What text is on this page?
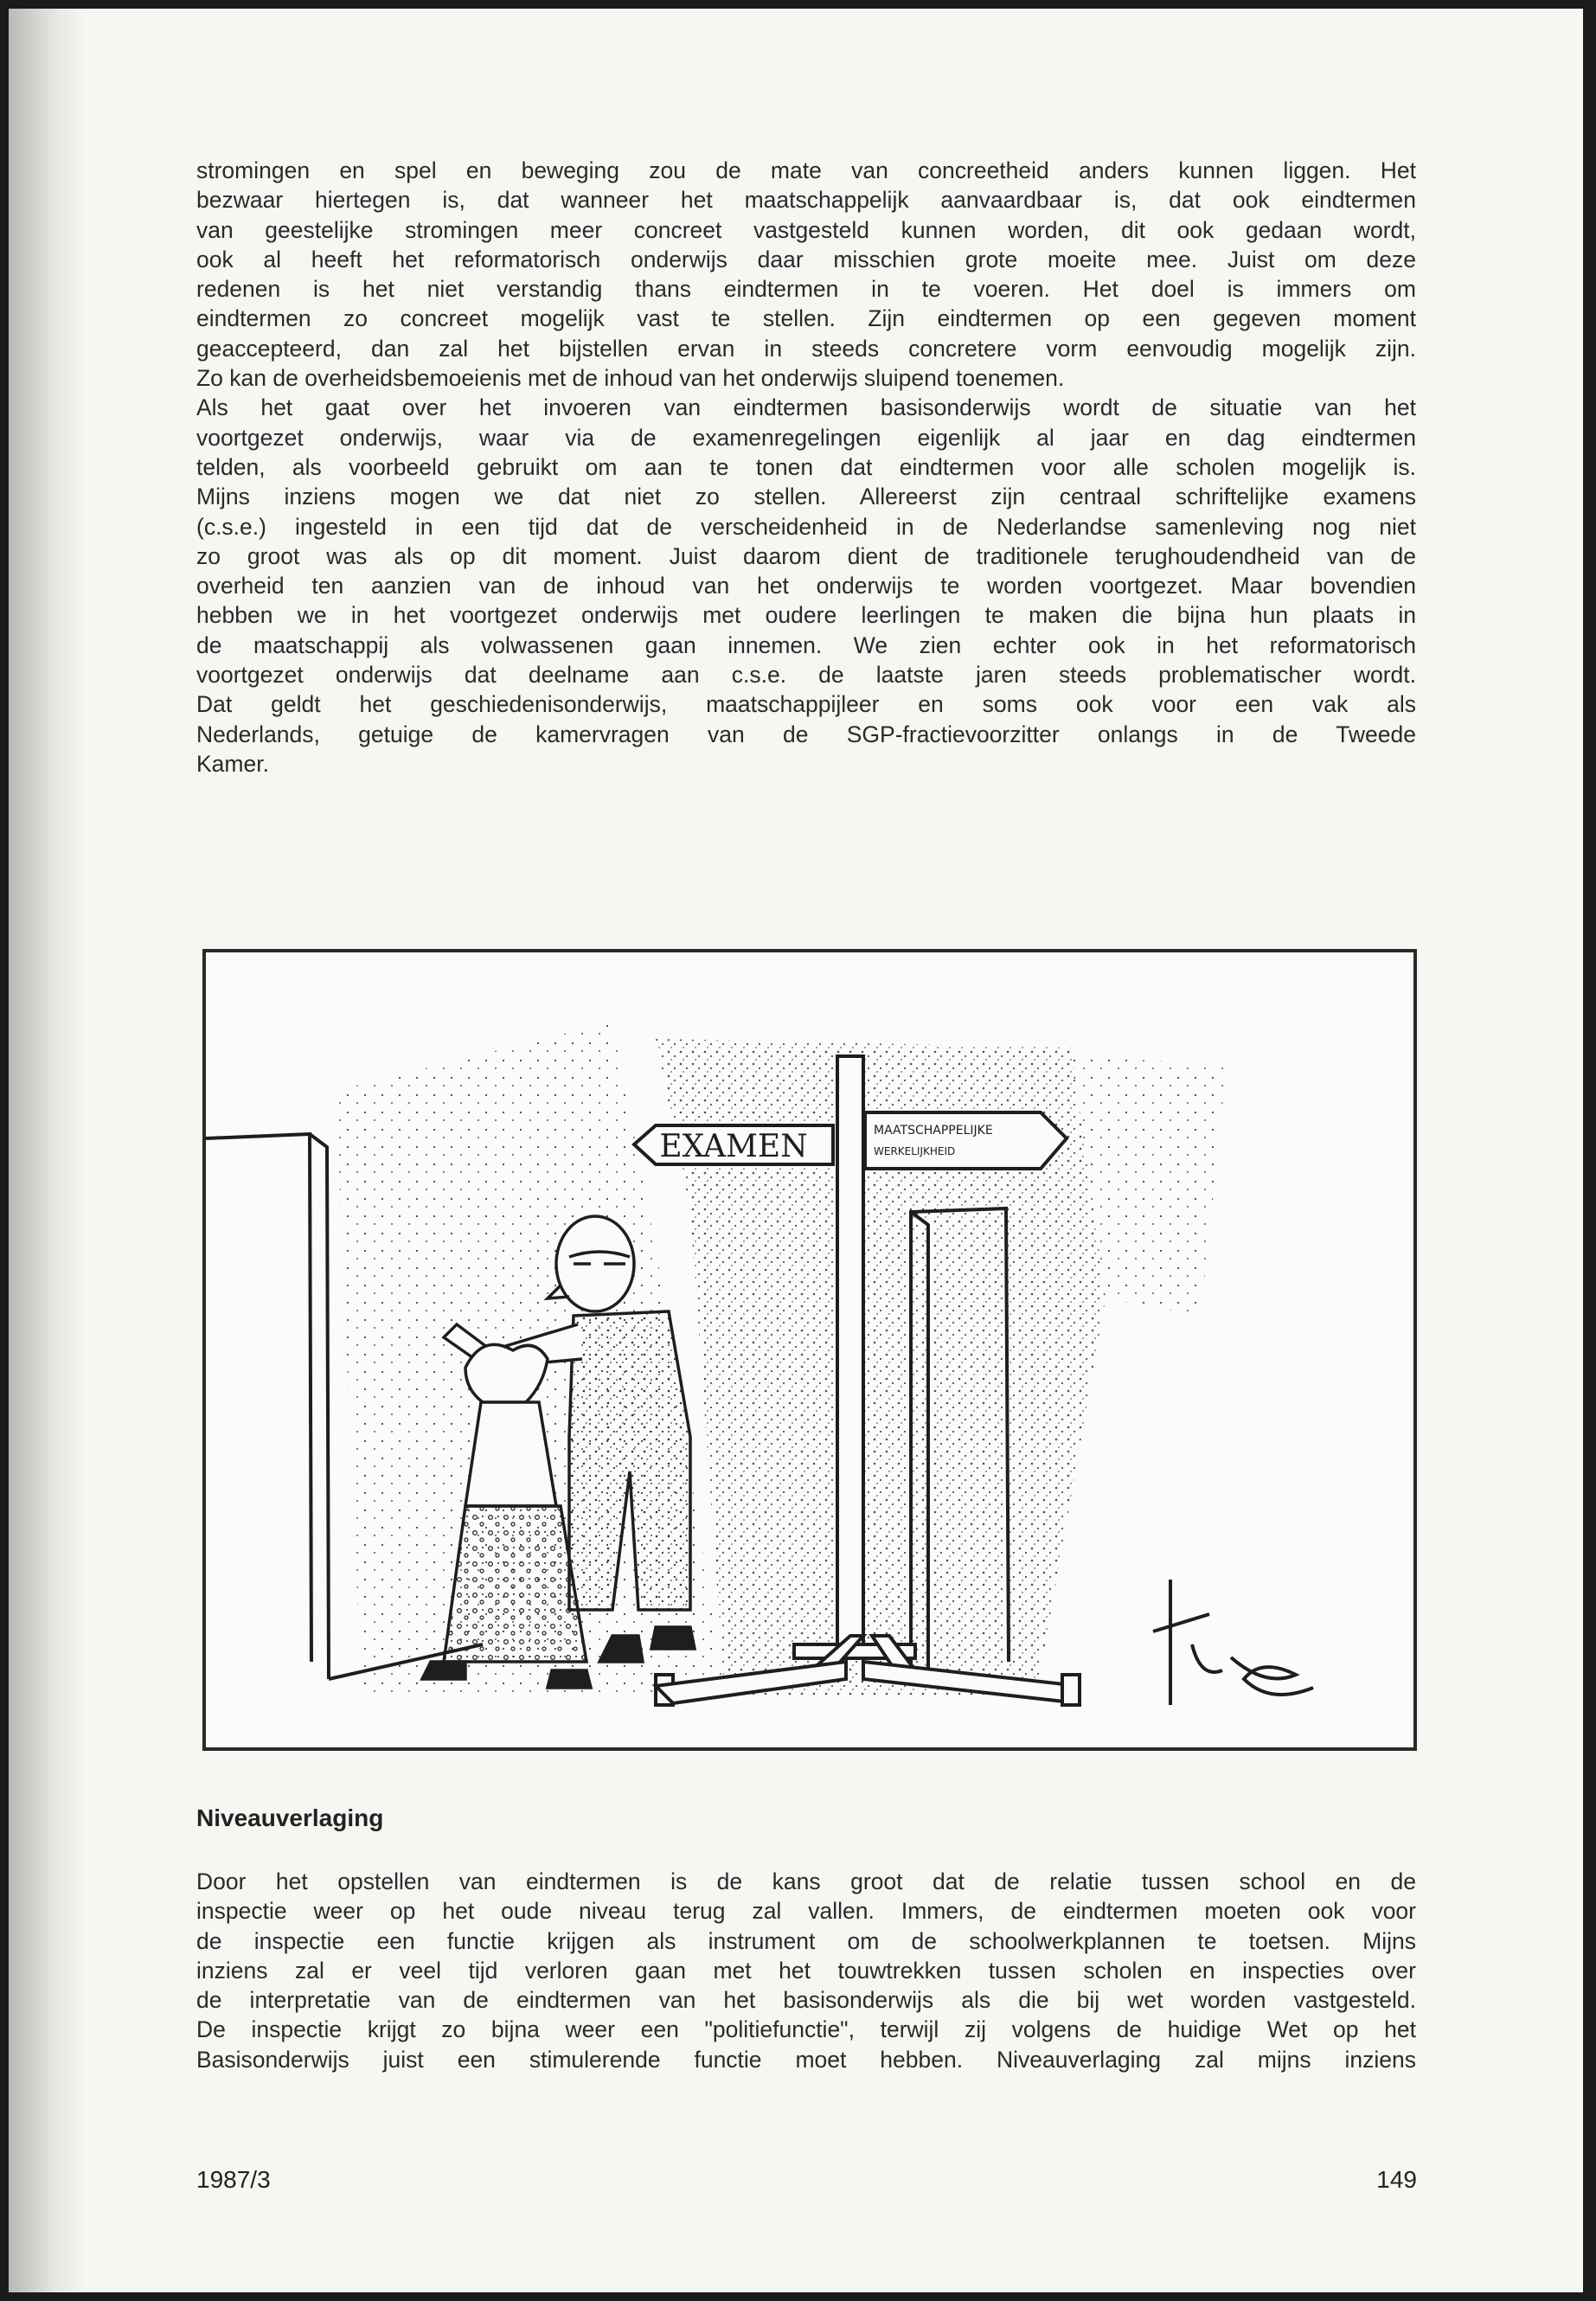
stromingen en spel en beweging zou de mate van concreetheid anders kunnen liggen. Het

bezwaar hiertegen is, dat wanneer het maatschappelijk aanvaardbaar is, dat ook eindtermen

van geestelijke stromingen meer concreet vastgesteld kunnen worden, dit ook gedaan wordt,

ook al heeft het reformatorisch onderwijs daar misschien grote moeite mee. Juist om deze

redenen is het niet verstandig thans eindtermen in te voeren. Het doel is immers om

eindtermen zo concreet mogelijk vast te stellen. Zijn eindtermen op een gegeven moment

geaccepteerd, dan zal het bijstellen ervan in steeds concretere vorm eenvoudig mogelijk zijn.

Zo kan de overheidsbemoeienis met de inhoud van het onderwijs sluipend toenemen.

Als het gaat over het invoeren van eindtermen basisonderwijs wordt de situatie van het

voortgezet onderwijs, waar via de examenregelingen eigenlijk al jaar en dag eindtermen

telden, als voorbeeld gebruikt om aan te tonen dat eindtermen voor alle scholen mogelijk is.

Mijns inziens mogen we dat niet zo stellen. Allereerst zijn centraal schriftelijke examens

(c.s.e.) ingesteld in een tijd dat de verscheidenheid in de Nederlandse samenleving nog niet

zo groot was als op dit moment. Juist daarom dient de traditionele terughoudendheid van de

overheid ten aanzien van de inhoud van het onderwijs te worden voortgezet. Maar bovendien

hebben we in het voortgezet onderwijs met oudere leerlingen te maken die bijna hun plaats in

de maatschappij als volwassenen gaan innemen. We zien echter ook in het reformatorisch

voortgezet onderwijs dat deelname aan c.s.e. de laatste jaren steeds problematischer wordt.

Dat geldt het geschiedenisonderwijs, maatschappijleer en soms ook voor een vak als

Nederlands, getuige de kamervragen van de SGP-fractievoorzitter onlangs in de Tweede

Kamer.

EXAMEN	MAATSCHAPPELIJKE
WERKELIJKHEID
trie
Niveauverlaging

Door het opstellen van eindtermen is de kans groot dat de relatie tussen school en de

inspectie weer op het oude niveau terug zal vallen. Immers, de eindtermen moeten ook voor

de inspectie een functie krijgen als instrument om de schoolwerkplannen te toetsen. Mijns

inziens zal er veel tijd verloren gaan met het touwtrekken tussen scholen en inspecties over

de interpretatie van de eindtermen van het basisonderwijs als die bij wet worden vastgesteld.

De inspectie krijgt zo bijna weer een "politiefunctie", terwijl zij volgens de huidige Wet op het

Basisonderwijs juist een stimulerende functie moet hebben. Niveauverlaging zal mijns inziens

1987/3	149
